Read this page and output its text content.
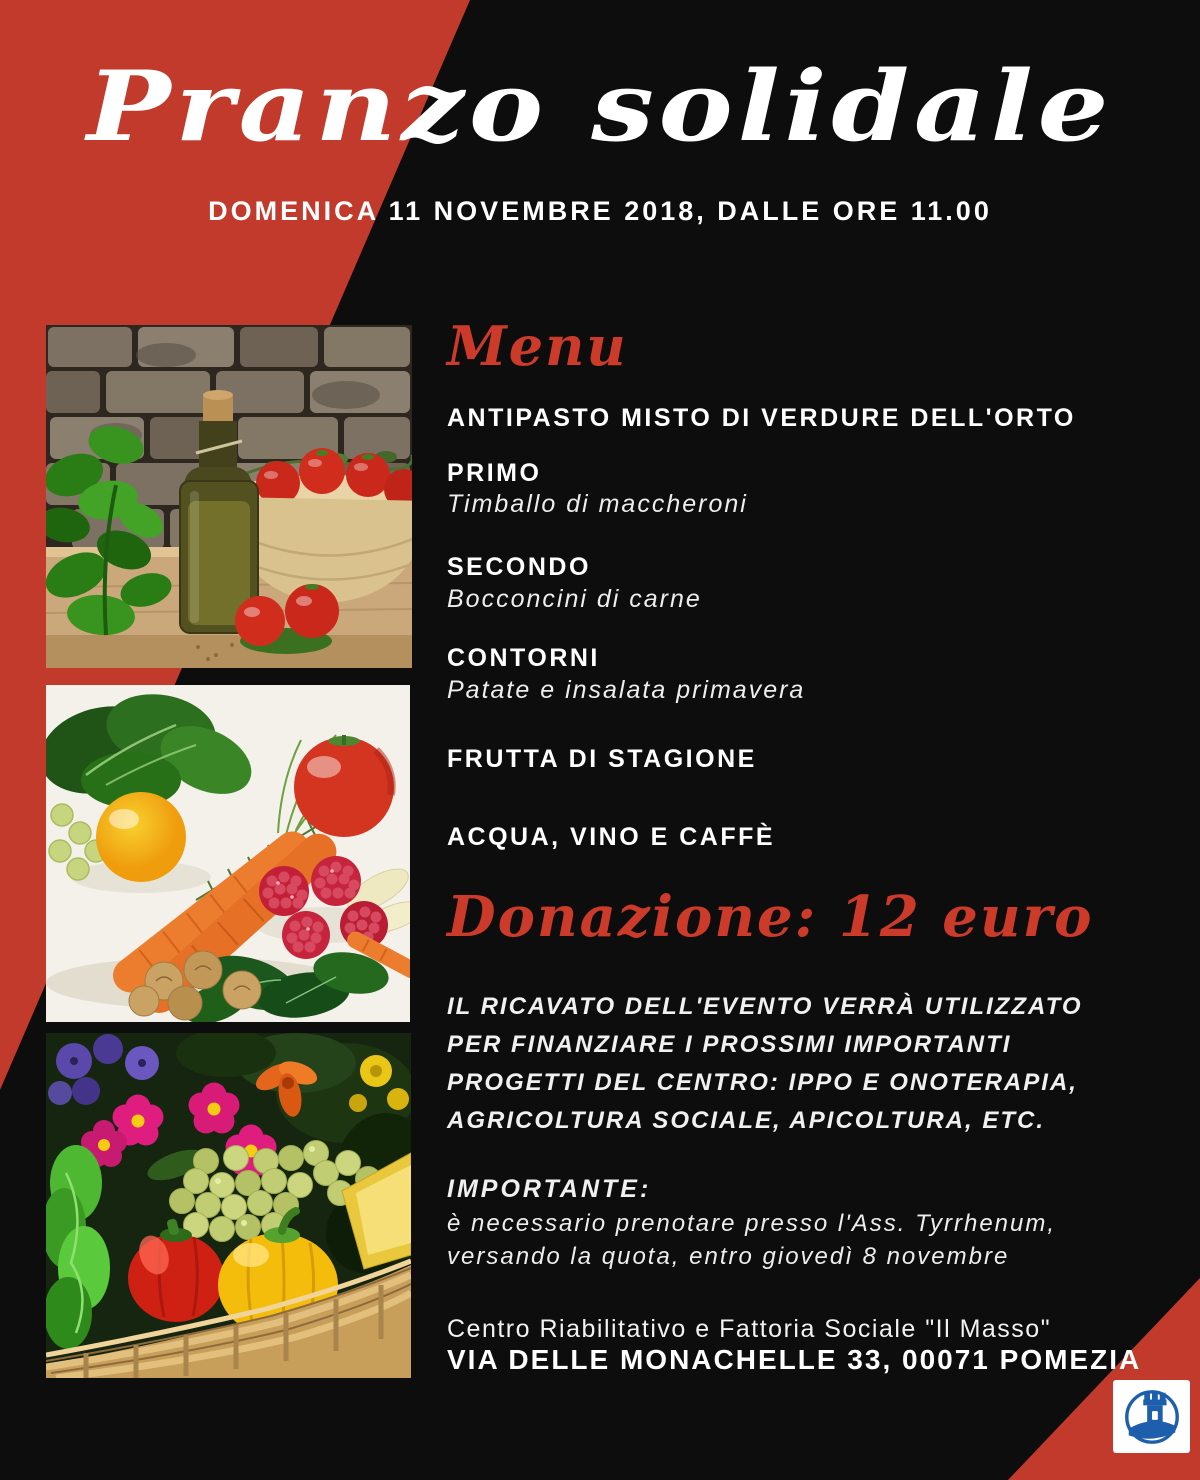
Pranzo solidale
DOMENICA 11 NOVEMBRE 2018, DALLE ORE 11.00
Menu
ANTIPASTO MISTO DI VERDURE DELL'ORTO
PRIMO
Timballo di maccheroni
SECONDO
Bocconcini di carne
CONTORNI
Patate e insalata primavera
FRUTTA DI STAGIONE
ACQUA, VINO E CAFFÈ
Donazione: 12 euro
IL RICAVATO DELL'EVENTO VERRÀ UTILIZZATO
PER FINANZIARE I PROSSIMI IMPORTANTI
PROGETTI DEL CENTRO: IPPO E ONOTERAPIA,
AGRICOLTURA SOCIALE, APICOLTURA, ETC.
IMPORTANTE:
è necessario prenotare presso l'Ass. Tyrrhenum,
versando la quota, entro giovedì 8 novembre
Centro Riabilitativo e Fattoria Sociale "Il Masso"
VIA DELLE MONACHELLE 33, 00071 POMEZIA
